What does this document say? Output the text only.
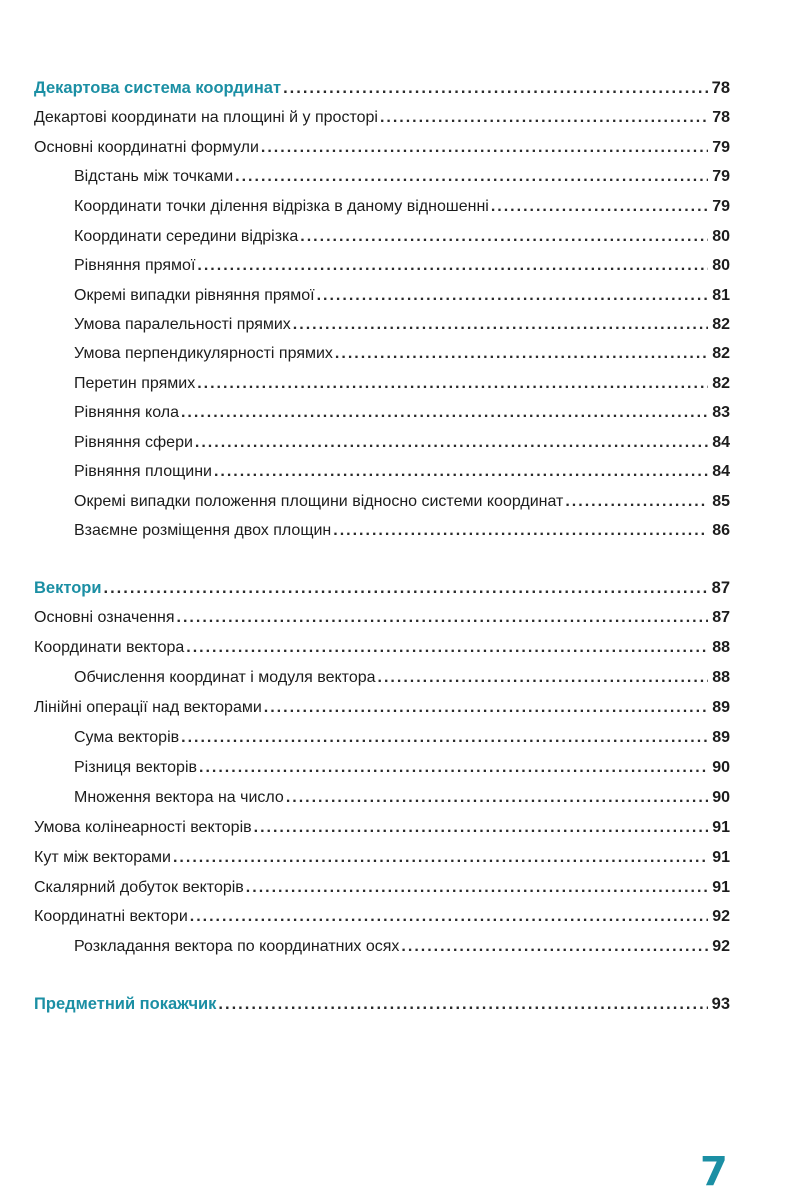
Декартова система координат .....	78
Декартові координати на площині й у просторі .....	78
Основні координатні формули .....	79
Відстань між точками .....	79
Координати точки ділення відрізка в даному відношенні .....	79
Координати середини відрізка .....	80
Рівняння прямої .....	80
Окремі випадки рівняння прямої .....	81
Умова паралельності прямих .....	82
Умова перпендикулярності прямих .....	82
Перетин прямих .....	82
Рівняння кола .....	83
Рівняння сфери .....	84
Рівняння площини .....	84
Окремі випадки положення площини відносно системи координат .....	85
Взаємне розміщення двох площин .....	86
Вектори .....	87
Основні означення .....	87
Координати вектора .....	88
Обчислення координат і модуля вектора .....	88
Лінійні операції над векторами .....	89
Сума векторів .....	89
Різниця векторів .....	90
Множення вектора на число .....	90
Умова колінеарності векторів .....	91
Кут між векторами .....	91
Скалярний добуток векторів .....	91
Координатні вектори .....	92
Розкладання вектора по координатних осях .....	92
Предметний покажчик .....	93
7
